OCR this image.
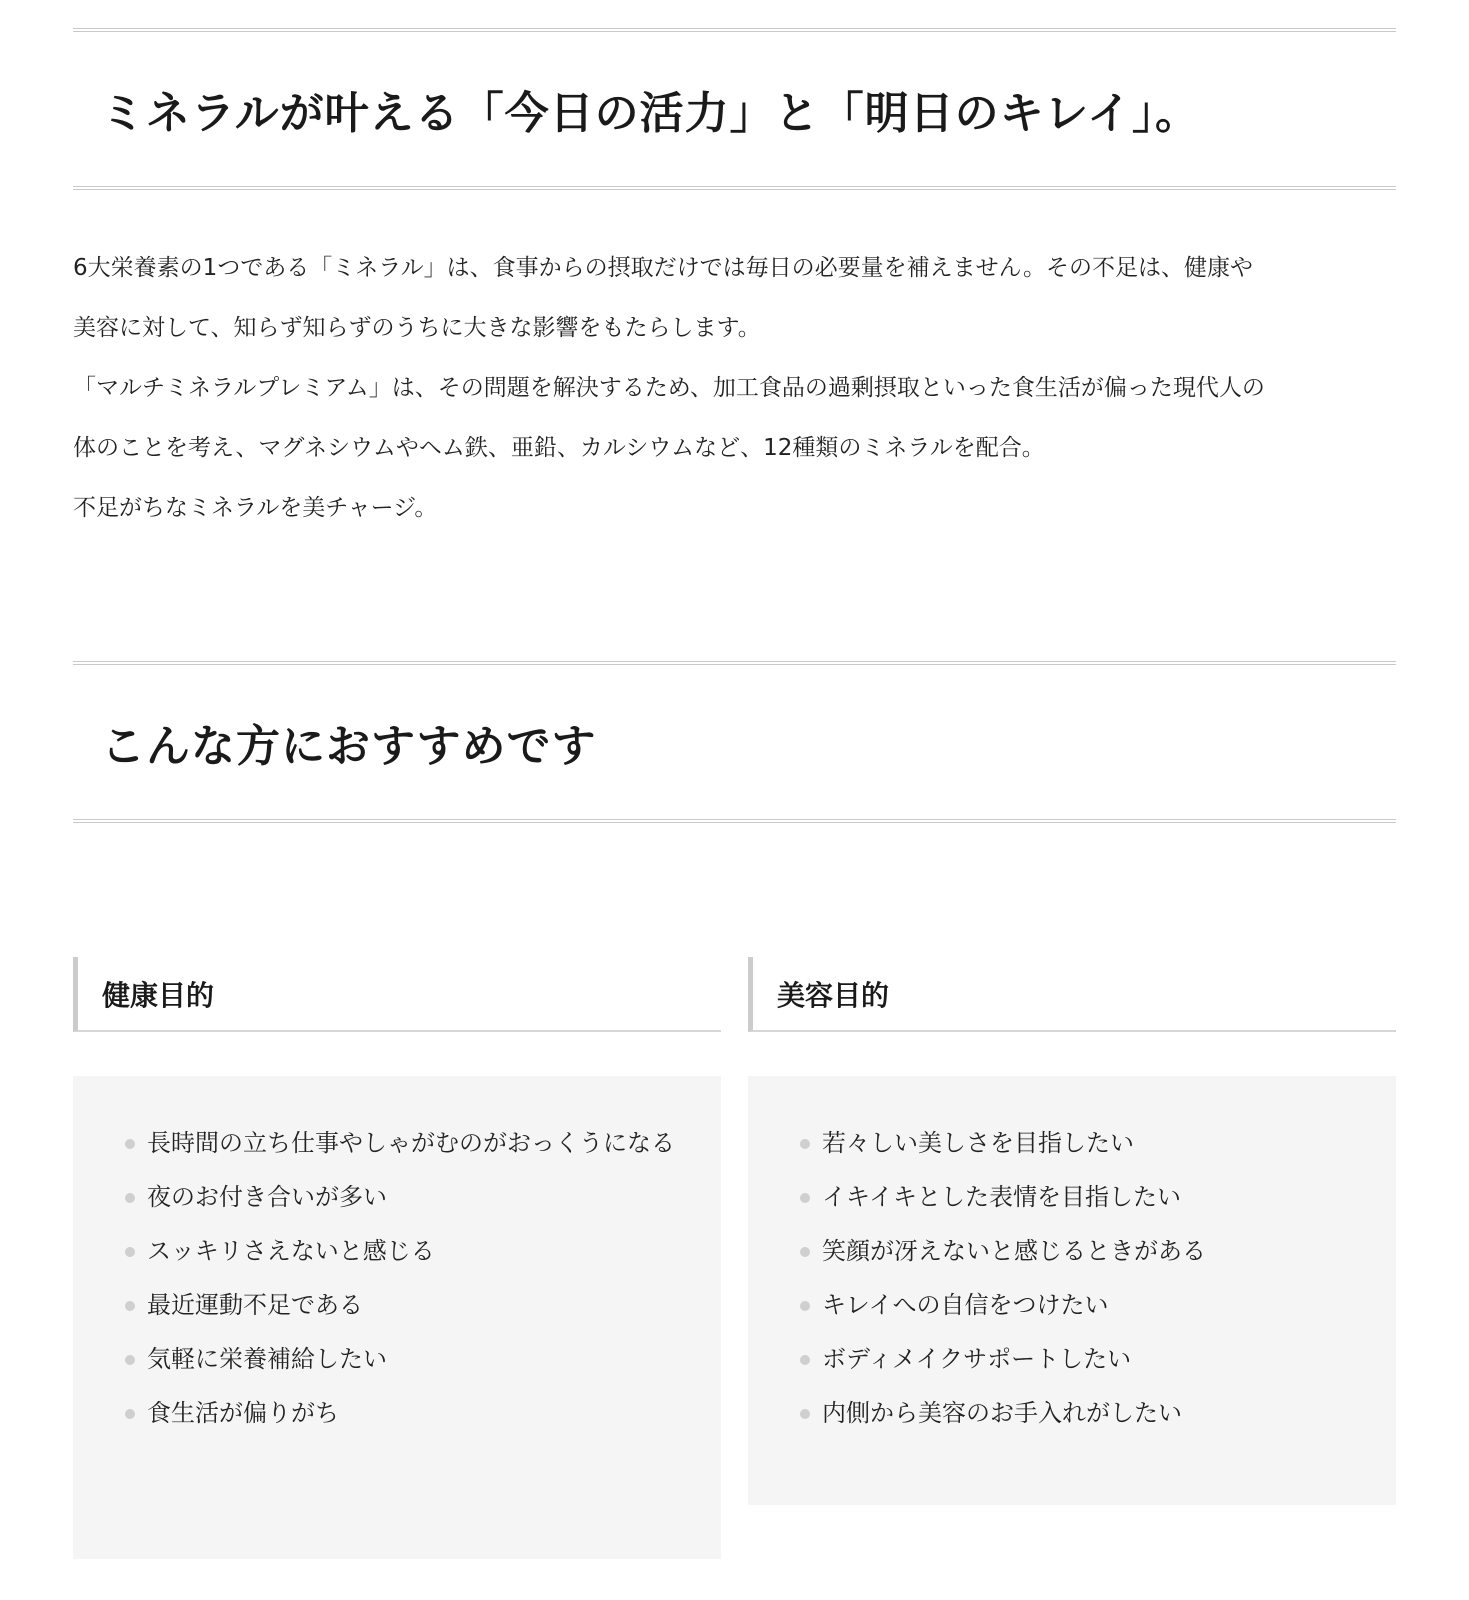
ミネラルが叶える「今日の活力」と「明日のキレイ」。

6大栄養素の1つである「ミネラル」は、食事からの摂取だけでは毎日の必要量を補えません。その不足は、健康や

美容に対して、知らず知らずのうちに大きな影響をもたらします。

「マルチミネラルプレミアム」は、その問題を解決するため、加工食品の過剰摂取といった食生活が偏った現代人の

体のことを考え、マグネシウムやヘム鉄、亜鉛、カルシウムなど、12種類のミネラルを配合。

不足がちなミネラルを美チャージ。

こんな方におすすめです
健康目的	美容目的
長時間の立ち仕事やしゃがむのがおっくうになる
夜のお付き合いが多い
スッキリさえないと感じる
最近運動不足である
気軽に栄養補給したい
食生活が偏りがち
若々しい美しさを目指したい
イキイキとした表情を目指したい
笑顔が冴えないと感じるときがある
キレイへの自信をつけたい
ボディメイクサポートしたい
内側から美容のお手入れがしたい
